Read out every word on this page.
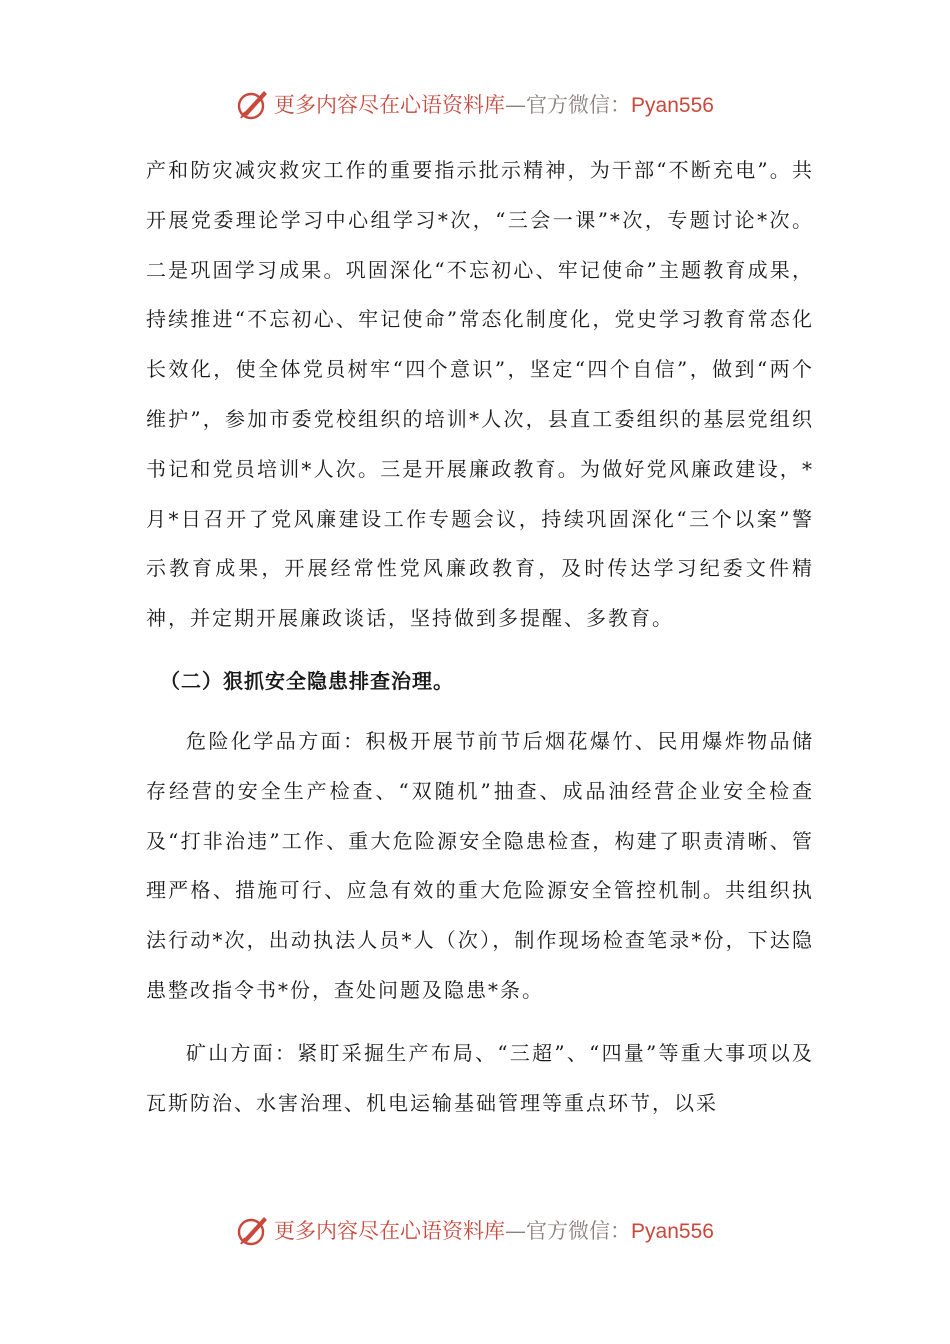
更多内容尽在心语资料库—官方微信：Pyan556

产和防灾减灾救灾工作的重要指示批示精神，为干部“不断充电”。共开展党委理论学习中心组学习*次，“三会一课”*次，专题讨论*次。二是巩固学习成果。巩固深化“不忘初心、牢记使命”主题教育成果，持续推进“不忘初心、牢记使命”常态化制度化，党史学习教育常态化长效化，使全体党员树牢“四个意识”，坚定“四个自信”，做到“两个维护”，参加市委党校组织的培训*人次，县直工委组织的基层党组织书记和党员培训*人次。三是开展廉政教育。为做好党风廉政建设，*月*日召开了党风廉建设工作专题会议，持续巩固深化“三个以案”警示教育成果，开展经常性党风廉政教育，及时传达学习纪委文件精神，并定期开展廉政谈话，坚持做到多提醒、多教育。

（二）狠抓安全隐患排查治理。

危险化学品方面：积极开展节前节后烟花爆竹、民用爆炸物品储存经营的安全生产检查、“双随机”抽查、成品油经营企业安全检查及“打非治违”工作、重大危险源安全隐患检查，构建了职责清晰、管理严格、措施可行、应急有效的重大危险源安全管控机制。共组织执法行动*次，出动执法人员*人（次），制作现场检查笔录*份，下达隐患整改指令书*份，查处问题及隐患*条。

矿山方面：紧盯采掘生产布局、“三超”、“四量”等重大事项以及瓦斯防治、水害治理、机电运输基础管理等重点环节，以采

更多内容尽在心语资料库—官方微信：Pyan556
